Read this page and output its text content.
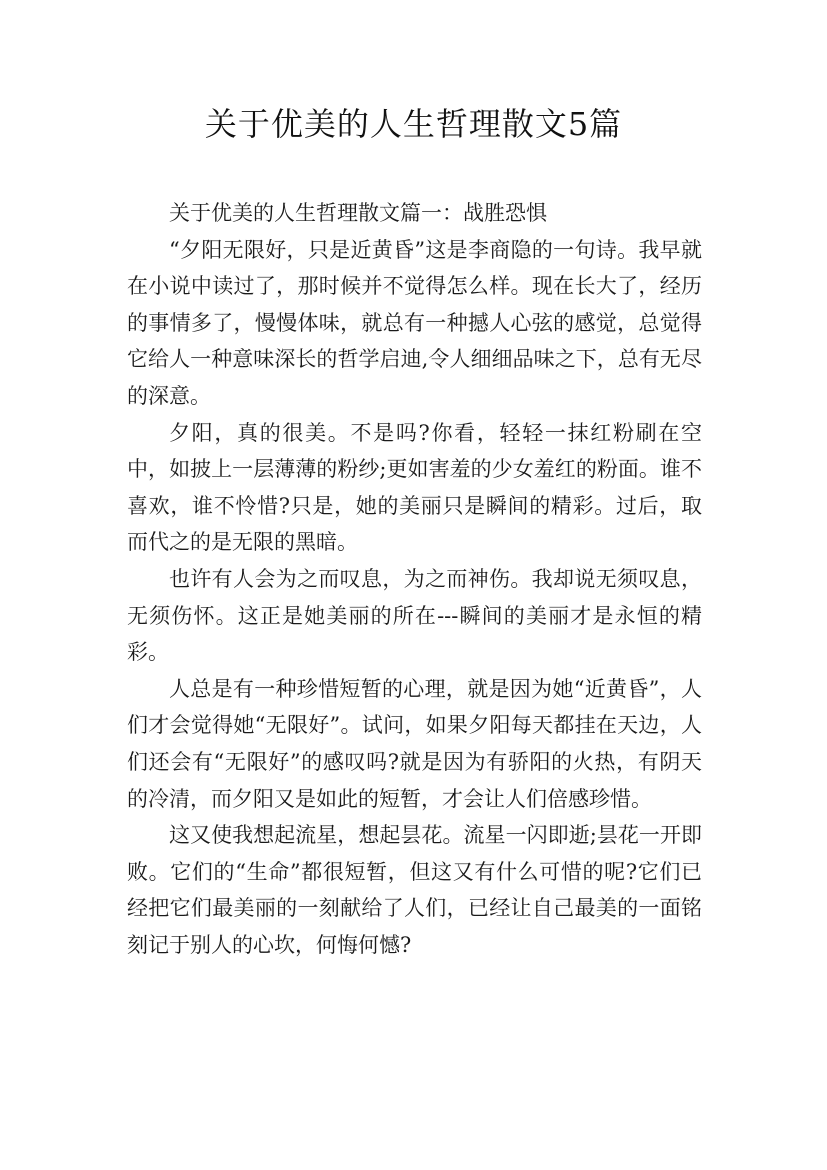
关于优美的人生哲理散文5篇

关于优美的人生哲理散文篇一：战胜恐惧

“夕阳无限好，只是近黄昏”这是李商隐的一句诗。我早就在小说中读过了，那时候并不觉得怎么样。现在长大了，经历的事情多了，慢慢体味，就总有一种撼人心弦的感觉，总觉得它给人一种意味深长的哲学启迪,令人细细品味之下，总有无尽的深意。

夕阳，真的很美。不是吗?你看，轻轻一抹红粉刷在空中，如披上一层薄薄的粉纱;更如害羞的少女羞红的粉面。谁不喜欢，谁不怜惜?只是，她的美丽只是瞬间的精彩。过后，取而代之的是无限的黑暗。

也许有人会为之而叹息，为之而神伤。我却说无须叹息，无须伤怀。这正是她美丽的所在---瞬间的美丽才是永恒的精彩。

人总是有一种珍惜短暂的心理，就是因为她“近黄昏”，人们才会觉得她“无限好”。试问，如果夕阳每天都挂在天边，人们还会有“无限好”的感叹吗?就是因为有骄阳的火热，有阴天的冷清，而夕阳又是如此的短暂，才会让人们倍感珍惜。

这又使我想起流星，想起昙花。流星一闪即逝;昙花一开即败。它们的“生命”都很短暂，但这又有什么可惜的呢?它们已经把它们最美丽的一刻献给了人们，已经让自己最美的一面铭刻记于别人的心坎，何悔何憾?
